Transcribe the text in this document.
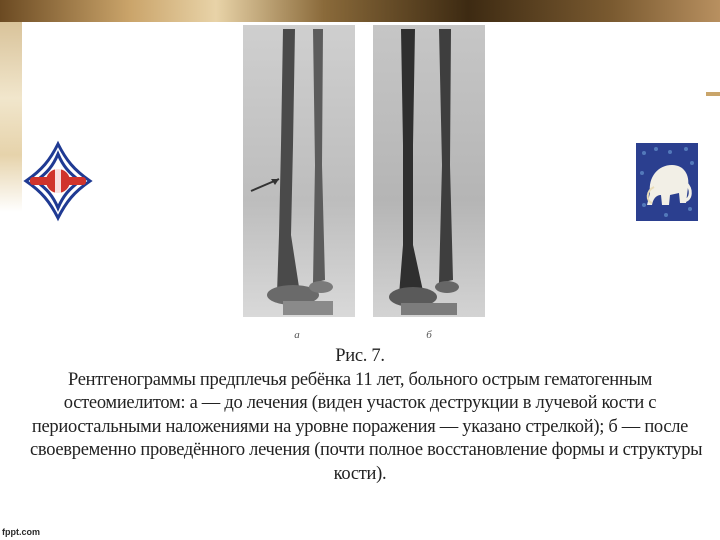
а	б
Рис. 7.
Рентгенограммы предплечья ребёнка 11 лет, больного острым гематогенным
остеомиелитом: а — до лечения (виден участок деструкции в лучевой кости с
периостальными наложениями на уровне поражения — указано стрелкой); б — после
своевременно проведённого лечения (почти полное восстановление формы и структуры
кости).
fppt.com
